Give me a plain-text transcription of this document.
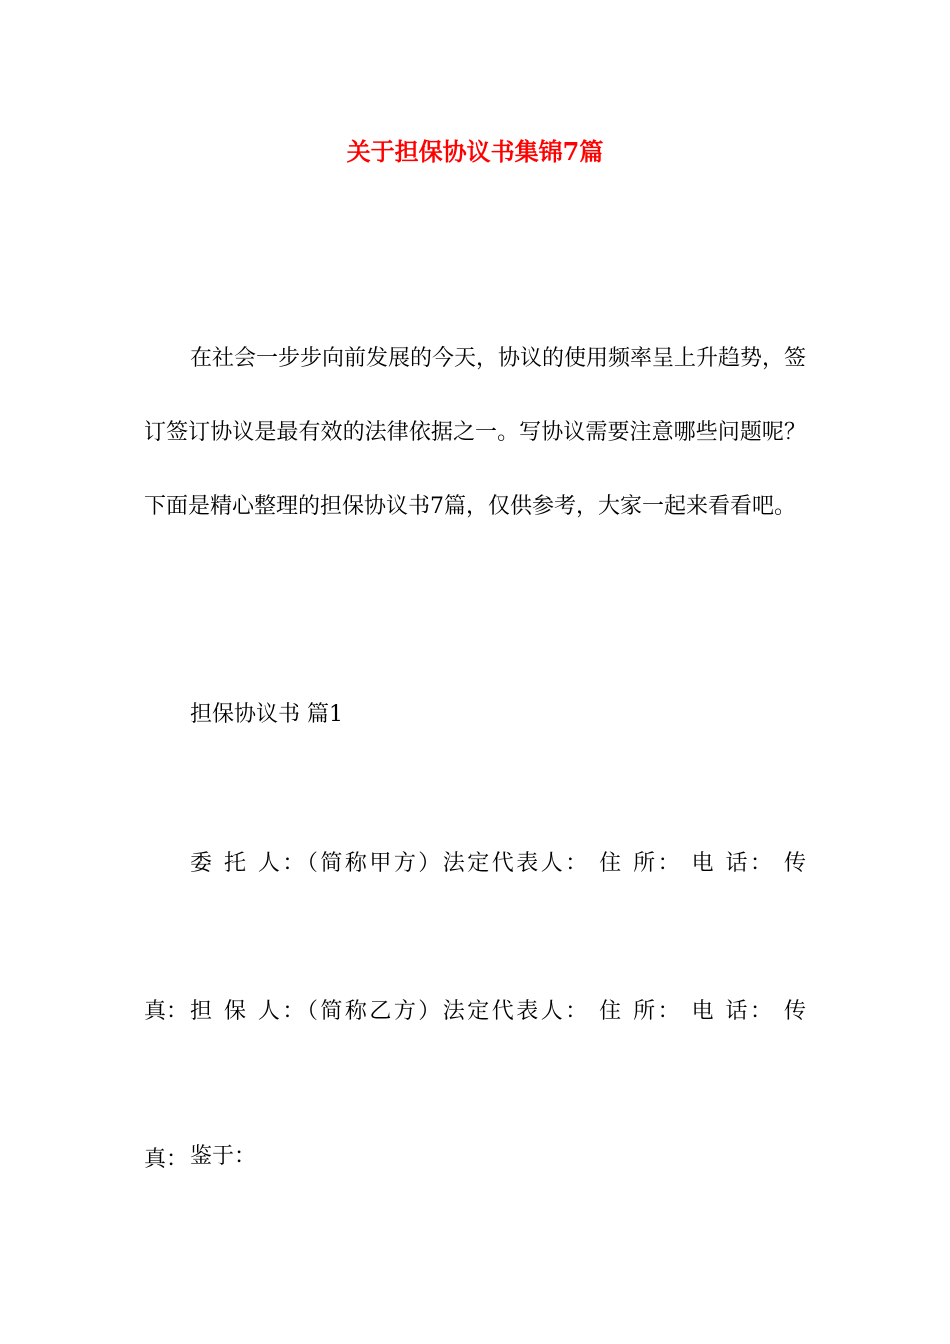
关于担保协议书集锦7篇
在社会一步步向前发展的今天，协议的使用频率呈上升趋势，签订签订协议是最有效的法律依据之一。写协议需要注意哪些问题呢？下面是精心整理的担保协议书7篇，仅供参考，大家一起来看看吧。
担保协议书 篇1
委 托 人：（简称甲方）法定代表人： 住 所： 电 话： 传
真： 担 保 人：（简称乙方）法定代表人： 住 所： 电 话： 传
真： 鉴于：
